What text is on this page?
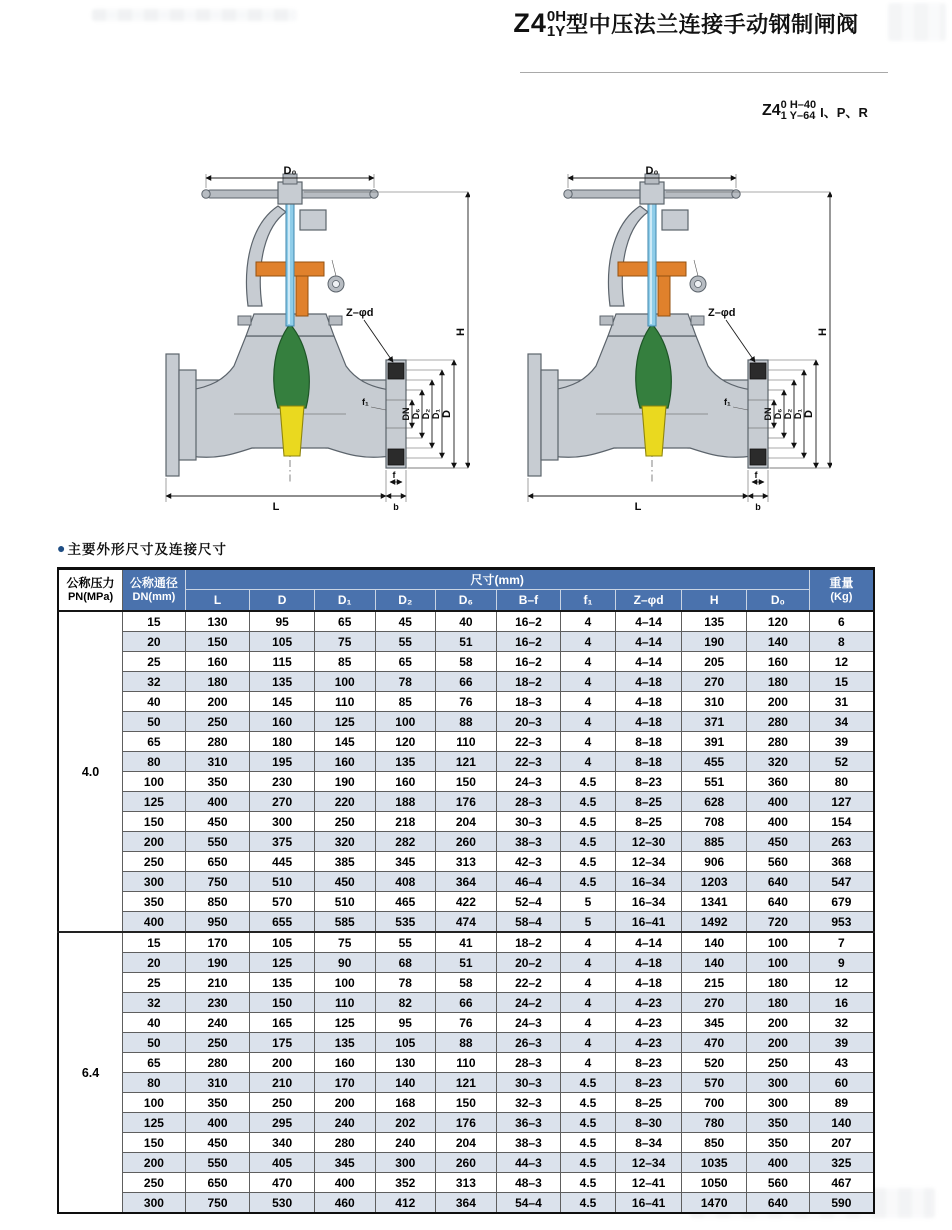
Z4 0H
1Y 型中压法兰连接手动钢制闸阀
Z4 0 H–40
1 Y–64 I、P、R
D₀
H
Z–φd
f₁
DN D₆ D₂ D₁ D
L
f
b
D₀
H
Z–φd
f₁
DN D₆ D₂ D₁ D
L
f
b
● 主要外形尺寸及连接尺寸
公称压力
PN(MPa)	公称通径
DN(mm)	尺寸(mm)										重量
(Kg)

		L	D	D₁	D₂	D₆	B–f	f₁	Z–φd	H	D₀	
4.0	15	130	95	65	45	40	16–2	4	4–14	135	120	6
	20	150	105	75	55	51	16–2	4	4–14	190	140	8
	25	160	115	85	65	58	16–2	4	4–14	205	160	12
	32	180	135	100	78	66	18–2	4	4–18	270	180	15
	40	200	145	110	85	76	18–3	4	4–18	310	200	31
	50	250	160	125	100	88	20–3	4	4–18	371	280	34
	65	280	180	145	120	110	22–3	4	8–18	391	280	39
	80	310	195	160	135	121	22–3	4	8–18	455	320	52
	100	350	230	190	160	150	24–3	4.5	8–23	551	360	80
	125	400	270	220	188	176	28–3	4.5	8–25	628	400	127
	150	450	300	250	218	204	30–3	4.5	8–25	708	400	154
	200	550	375	320	282	260	38–3	4.5	12–30	885	450	263
	250	650	445	385	345	313	42–3	4.5	12–34	906	560	368
	300	750	510	450	408	364	46–4	4.5	16–34	1203	640	547
	350	850	570	510	465	422	52–4	5	16–34	1341	640	679
	400	950	655	585	535	474	58–4	5	16–41	1492	720	953
6.4	15	170	105	75	55	41	18–2	4	4–14	140	100	7
	20	190	125	90	68	51	20–2	4	4–18	140	100	9
	25	210	135	100	78	58	22–2	4	4–18	215	180	12
	32	230	150	110	82	66	24–2	4	4–23	270	180	16
	40	240	165	125	95	76	24–3	4	4–23	345	200	32
	50	250	175	135	105	88	26–3	4	4–23	470	200	39
	65	280	200	160	130	110	28–3	4	8–23	520	250	43
	80	310	210	170	140	121	30–3	4.5	8–23	570	300	60
	100	350	250	200	168	150	32–3	4.5	8–25	700	300	89
	125	400	295	240	202	176	36–3	4.5	8–30	780	350	140
	150	450	340	280	240	204	38–3	4.5	8–34	850	350	207
	200	550	405	345	300	260	44–3	4.5	12–34	1035	400	325
	250	650	470	400	352	313	48–3	4.5	12–41	1050	560	467
	300	750	530	460	412	364	54–4	4.5	16–41	1470	640	590
